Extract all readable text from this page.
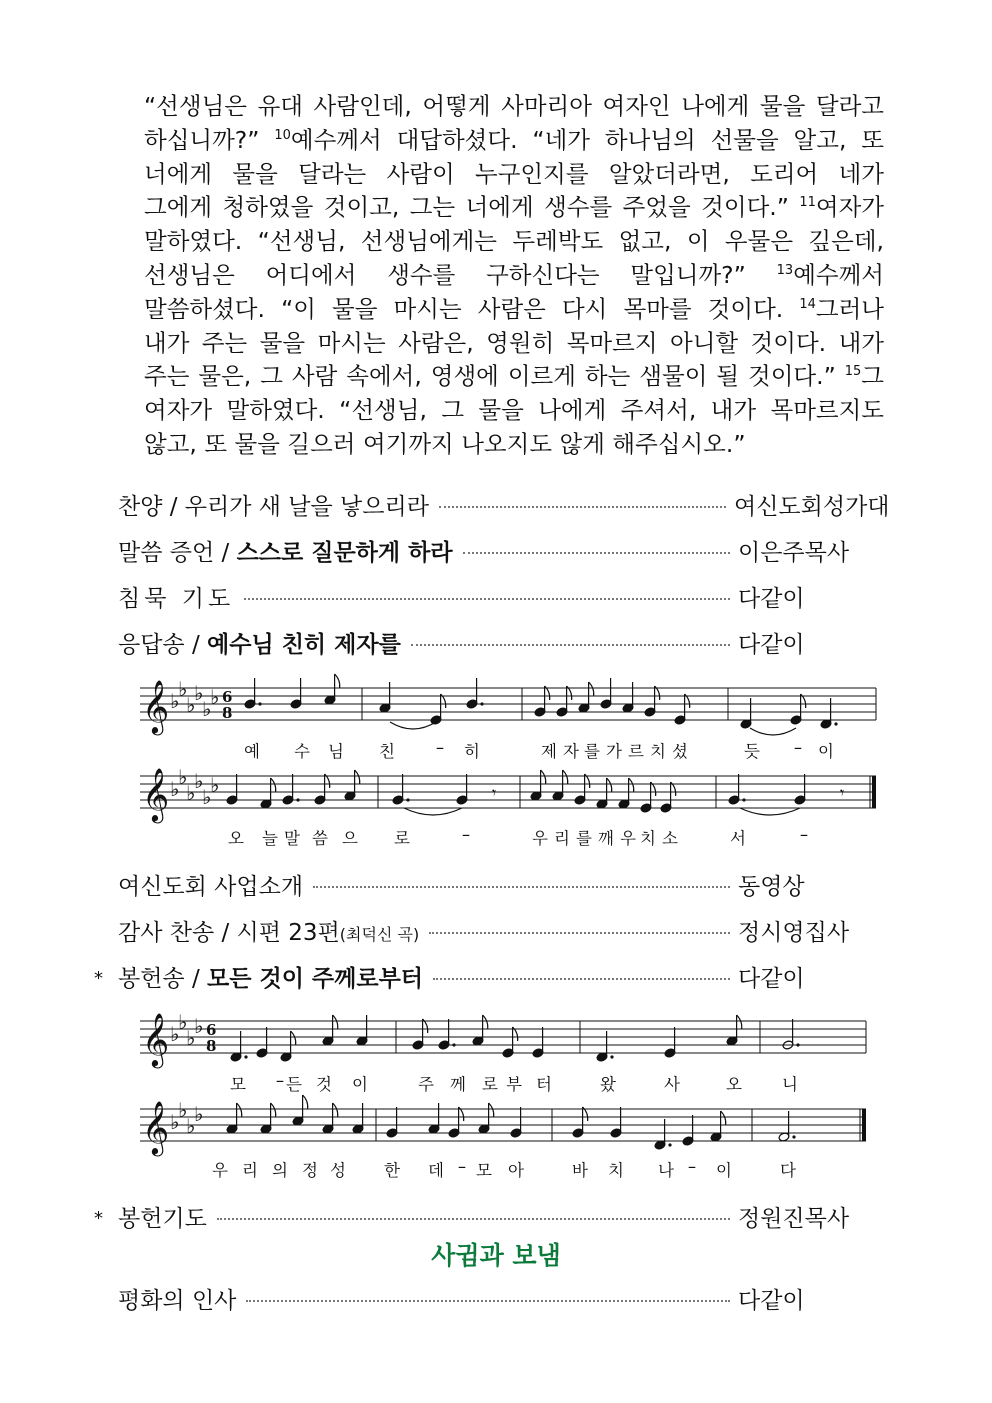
“선생님은 유대 사람인데, 어떻게 사마리아 여자인 나에게 물을 달라고
하십니까?” $^{10}$예수께서 대답하셨다. “네가 하나님의 선물을 알고, 또
너에게 물을 달라는 사람이 누구인지를 알았더라면, 도리어 네가
그에게 청하였을 것이고, 그는 너에게 생수를 주었을 것이다.” $^{11}$여자가
말하였다. “선생님, 선생님에게는 두레박도 없고, 이 우물은 깊은데,
선생님은 어디에서 생수를 구하신다는 말입니까?” $^{13}$예수께서
말씀하셨다. “이 물을 마시는 사람은 다시 목마를 것이다. $^{14}$그러나
내가 주는 물을 마시는 사람은, 영원히 목마르지 아니할 것이다. 내가
주는 물은, 그 사람 속에서, 영생에 이르게 하는 샘물이 될 것이다.” $^{15}$그
여자가 말하였다. “선생님, 그 물을 나에게 주셔서, 내가 목마르지도
않고, 또 물을 길으러 여기까지 나오지도 않게 해주십시오.”
찬양 / 우리가 새 날을 낳으리라	여신도회성가대
말씀 증언 / 스스로 질문하게 하라	이은주목사
침묵 기도	다같이
응답송 / 예수님 친히 제자를	다같이
𝄞 ♭
♭
♭
♭
♭
♭ 6
8
𝄞 ♭
♭
♭
♭
♭
♭	𝄾	𝄾
예 수 님 친 – 히	제 자 를 가 르 치 셨	듯 – 이
오 늘 말 씀 으 로	–	우 리 를 깨 우 치 소	서	–
여신도회 사업소개	동영상
감사 찬송 / 시편 23편(최덕신 곡)	정시영집사
* 봉헌송 / 모든 것이 주께로부터	다같이
𝄞 ♭
♭
♭
♭ 6
8
𝄞 ♭
♭
♭
♭
모 – 든 것 이	주 께 로 부 터	왔	사	오 니
우 리 의 정 성 한 데 – 모 아	바 치 나 – 이	다
* 봉헌기도	정원진목사
사귐과 보냄
평화의 인사	다같이
